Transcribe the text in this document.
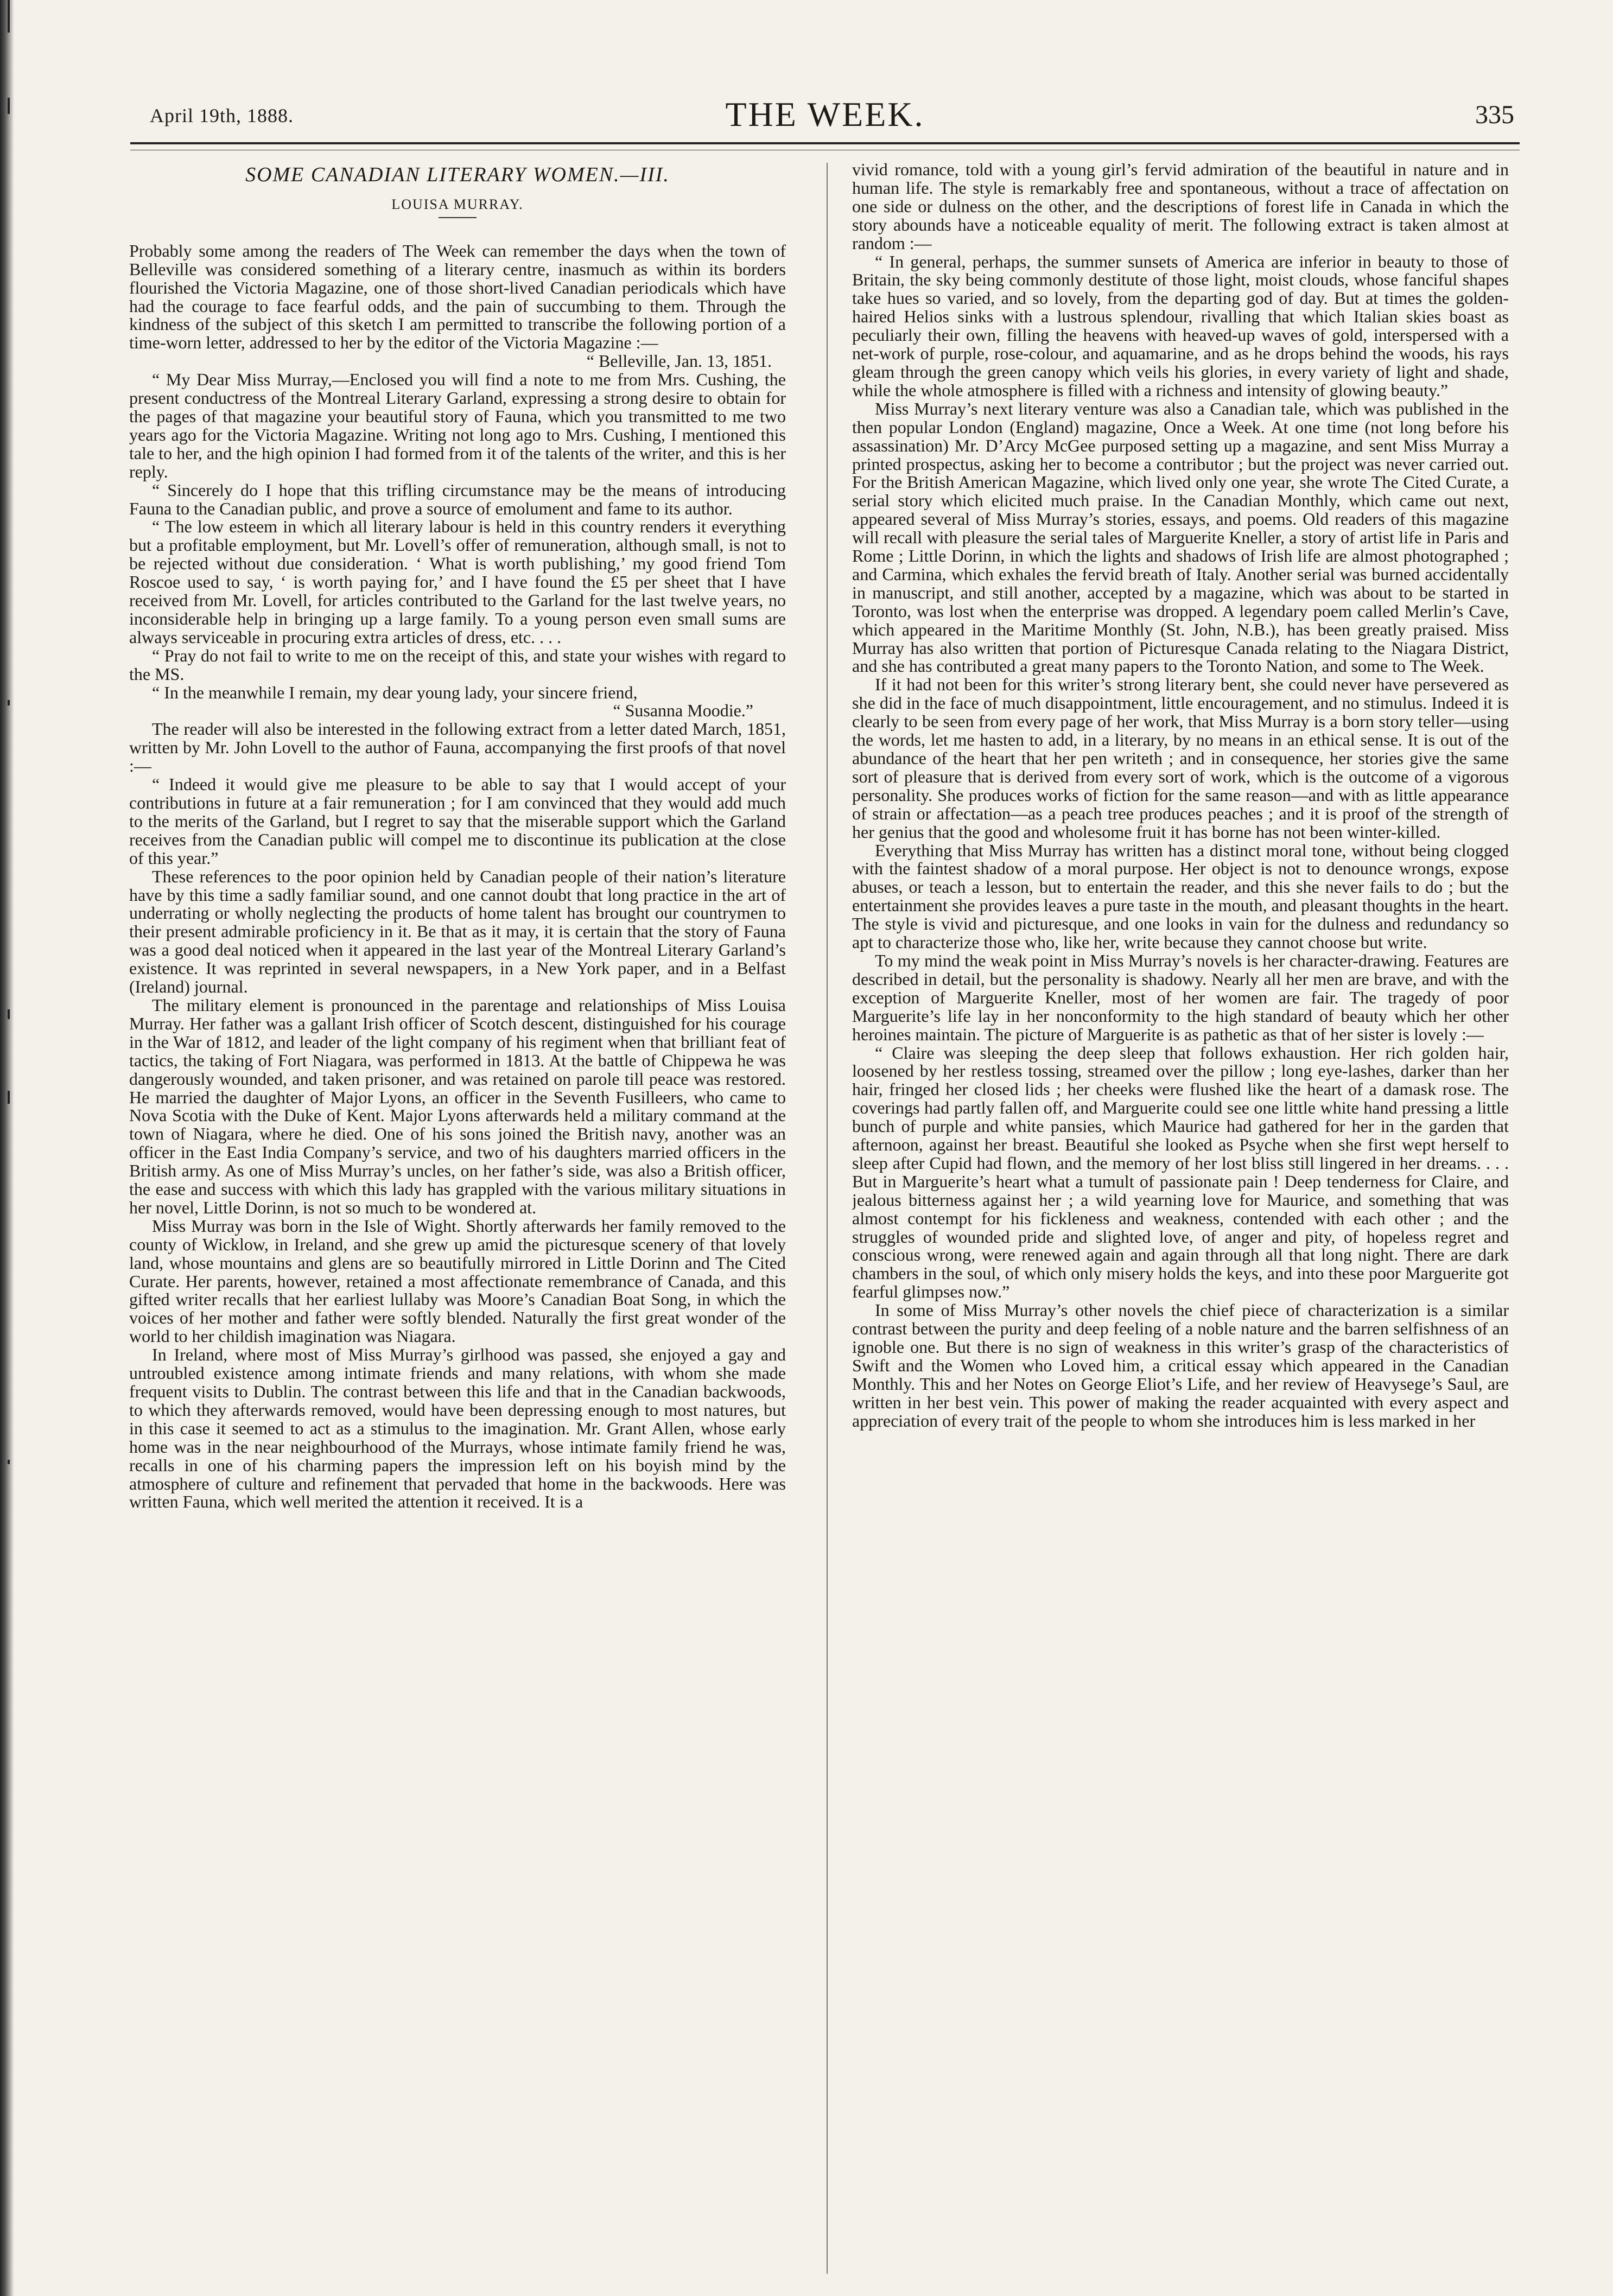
April 19th, 1888.	THE WEEK.	335
SOME CANADIAN LITERARY WOMEN.—III.
LOUISA MURRAY.

Probably some among the readers of The Week can remember the days when the town of Belleville was considered something of a literary centre, inasmuch as within its borders flourished the Victoria Magazine, one of those short-lived Canadian periodicals which have had the courage to face fearful odds, and the pain of succumbing to them. Through the kindness of the subject of this sketch I am permitted to transcribe the following portion of a time-worn letter, addressed to her by the editor of the Victoria Magazine :—

“ Belleville, Jan. 13, 1851.

“ My Dear Miss Murray,—Enclosed you will find a note to me from Mrs. Cushing, the present conductress of the Montreal Literary Garland, expressing a strong desire to obtain for the pages of that magazine your beautiful story of Fauna, which you transmitted to me two years ago for the Victoria Magazine. Writing not long ago to Mrs. Cushing, I mentioned this tale to her, and the high opinion I had formed from it of the talents of the writer, and this is her reply.

“ Sincerely do I hope that this trifling circumstance may be the means of introducing Fauna to the Canadian public, and prove a source of emolument and fame to its author.

“ The low esteem in which all literary labour is held in this country renders it everything but a profitable employment, but Mr. Lovell’s offer of remuneration, although small, is not to be rejected without due consideration. ‘ What is worth publishing,’ my good friend Tom Roscoe used to say, ‘ is worth paying for,’ and I have found the £5 per sheet that I have received from Mr. Lovell, for articles contributed to the Garland for the last twelve years, no inconsiderable help in bringing up a large family. To a young person even small sums are always serviceable in procuring extra articles of dress, etc. . . .

“ Pray do not fail to write to me on the receipt of this, and state your wishes with regard to the MS.

“ In the meanwhile I remain, my dear young lady, your sincere friend,

“ Susanna Moodie.”

The reader will also be interested in the following extract from a letter dated March, 1851, written by Mr. John Lovell to the author of Fauna, accompanying the first proofs of that novel :—

“ Indeed it would give me pleasure to be able to say that I would accept of your contributions in future at a fair remuneration ; for I am convinced that they would add much to the merits of the Garland, but I regret to say that the miserable support which the Garland receives from the Canadian public will compel me to discontinue its publication at the close of this year.”

These references to the poor opinion held by Canadian people of their nation’s literature have by this time a sadly familiar sound, and one cannot doubt that long practice in the art of underrating or wholly neglecting the products of home talent has brought our countrymen to their present admirable proficiency in it. Be that as it may, it is certain that the story of Fauna was a good deal noticed when it appeared in the last year of the Montreal Literary Garland’s existence. It was reprinted in several newspapers, in a New York paper, and in a Belfast (Ireland) journal.

The military element is pronounced in the parentage and relationships of Miss Louisa Murray. Her father was a gallant Irish officer of Scotch descent, distinguished for his courage in the War of 1812, and leader of the light company of his regiment when that brilliant feat of tactics, the taking of Fort Niagara, was performed in 1813. At the battle of Chippewa he was dangerously wounded, and taken prisoner, and was retained on parole till peace was restored. He married the daughter of Major Lyons, an officer in the Seventh Fusilleers, who came to Nova Scotia with the Duke of Kent. Major Lyons afterwards held a military command at the town of Niagara, where he died. One of his sons joined the British navy, another was an officer in the East India Company’s service, and two of his daughters married officers in the British army. As one of Miss Murray’s uncles, on her father’s side, was also a British officer, the ease and success with which this lady has grappled with the various military situations in her novel, Little Dorinn, is not so much to be wondered at.

Miss Murray was born in the Isle of Wight. Shortly afterwards her family removed to the county of Wicklow, in Ireland, and she grew up amid the picturesque scenery of that lovely land, whose mountains and glens are so beautifully mirrored in Little Dorinn and The Cited Curate. Her parents, however, retained a most affectionate remembrance of Canada, and this gifted writer recalls that her earliest lullaby was Moore’s Canadian Boat Song, in which the voices of her mother and father were softly blended. Naturally the first great wonder of the world to her childish imagination was Niagara.

In Ireland, where most of Miss Murray’s girlhood was passed, she enjoyed a gay and untroubled existence among intimate friends and many relations, with whom she made frequent visits to Dublin. The contrast between this life and that in the Canadian backwoods, to which they afterwards removed, would have been depressing enough to most natures, but in this case it seemed to act as a stimulus to the imagination. Mr. Grant Allen, whose early home was in the near neighbourhood of the Murrays, whose intimate family friend he was, recalls in one of his charming papers the impression left on his boyish mind by the atmosphere of culture and refinement that pervaded that home in the backwoods. Here was written Fauna, which well merited the attention it received. It is a

vivid romance, told with a young girl’s fervid admiration of the beautiful in nature and in human life. The style is remarkably free and spontaneous, without a trace of affectation on one side or dulness on the other, and the descriptions of forest life in Canada in which the story abounds have a noticeable equality of merit. The following extract is taken almost at random :—

“ In general, perhaps, the summer sunsets of America are inferior in beauty to those of Britain, the sky being commonly destitute of those light, moist clouds, whose fanciful shapes take hues so varied, and so lovely, from the departing god of day. But at times the golden-haired Helios sinks with a lustrous splendour, rivalling that which Italian skies boast as peculiarly their own, filling the heavens with heaved-up waves of gold, interspersed with a net-work of purple, rose-colour, and aquamarine, and as he drops behind the woods, his rays gleam through the green canopy which veils his glories, in every variety of light and shade, while the whole atmosphere is filled with a richness and intensity of glowing beauty.”

Miss Murray’s next literary venture was also a Canadian tale, which was published in the then popular London (England) magazine, Once a Week. At one time (not long before his assassination) Mr. D’Arcy McGee purposed setting up a magazine, and sent Miss Murray a printed prospectus, asking her to become a contributor ; but the project was never carried out. For the British American Magazine, which lived only one year, she wrote The Cited Curate, a serial story which elicited much praise. In the Canadian Monthly, which came out next, appeared several of Miss Murray’s stories, essays, and poems. Old readers of this magazine will recall with pleasure the serial tales of Marguerite Kneller, a story of artist life in Paris and Rome ; Little Dorinn, in which the lights and shadows of Irish life are almost photographed ; and Carmina, which exhales the fervid breath of Italy. Another serial was burned accidentally in manuscript, and still another, accepted by a magazine, which was about to be started in Toronto, was lost when the enterprise was dropped. A legendary poem called Merlin’s Cave, which appeared in the Maritime Monthly (St. John, N.B.), has been greatly praised. Miss Murray has also written that portion of Picturesque Canada relating to the Niagara District, and she has contributed a great many papers to the Toronto Nation, and some to The Week.

If it had not been for this writer’s strong literary bent, she could never have persevered as she did in the face of much disappointment, little encouragement, and no stimulus. Indeed it is clearly to be seen from every page of her work, that Miss Murray is a born story teller—using the words, let me hasten to add, in a literary, by no means in an ethical sense. It is out of the abundance of the heart that her pen writeth ; and in consequence, her stories give the same sort of pleasure that is derived from every sort of work, which is the outcome of a vigorous personality. She produces works of fiction for the same reason—and with as little appearance of strain or affectation—as a peach tree produces peaches ; and it is proof of the strength of her genius that the good and wholesome fruit it has borne has not been winter-killed.

Everything that Miss Murray has written has a distinct moral tone, without being clogged with the faintest shadow of a moral purpose. Her object is not to denounce wrongs, expose abuses, or teach a lesson, but to entertain the reader, and this she never fails to do ; but the entertainment she provides leaves a pure taste in the mouth, and pleasant thoughts in the heart. The style is vivid and picturesque, and one looks in vain for the dulness and redundancy so apt to characterize those who, like her, write because they cannot choose but write.

To my mind the weak point in Miss Murray’s novels is her character-drawing. Features are described in detail, but the personality is shadowy. Nearly all her men are brave, and with the exception of Marguerite Kneller, most of her women are fair. The tragedy of poor Marguerite’s life lay in her nonconformity to the high standard of beauty which her other heroines maintain. The picture of Marguerite is as pathetic as that of her sister is lovely :—

“ Claire was sleeping the deep sleep that follows exhaustion. Her rich golden hair, loosened by her restless tossing, streamed over the pillow ; long eye-lashes, darker than her hair, fringed her closed lids ; her cheeks were flushed like the heart of a damask rose. The coverings had partly fallen off, and Marguerite could see one little white hand pressing a little bunch of purple and white pansies, which Maurice had gathered for her in the garden that afternoon, against her breast. Beautiful she looked as Psyche when she first wept herself to sleep after Cupid had flown, and the memory of her lost bliss still lingered in her dreams. . . . But in Marguerite’s heart what a tumult of passionate pain ! Deep tenderness for Claire, and jealous bitterness against her ; a wild yearning love for Maurice, and something that was almost contempt for his fickleness and weakness, contended with each other ; and the struggles of wounded pride and slighted love, of anger and pity, of hopeless regret and conscious wrong, were renewed again and again through all that long night. There are dark chambers in the soul, of which only misery holds the keys, and into these poor Marguerite got fearful glimpses now.”

In some of Miss Murray’s other novels the chief piece of characterization is a similar contrast between the purity and deep feeling of a noble nature and the barren selfishness of an ignoble one. But there is no sign of weakness in this writer’s grasp of the characteristics of Swift and the Women who Loved him, a critical essay which appeared in the Canadian Monthly. This and her Notes on George Eliot’s Life, and her review of Heavysege’s Saul, are written in her best vein. This power of making the reader acquainted with every aspect and appreciation of every trait of the people to whom she introduces him is less marked in her
